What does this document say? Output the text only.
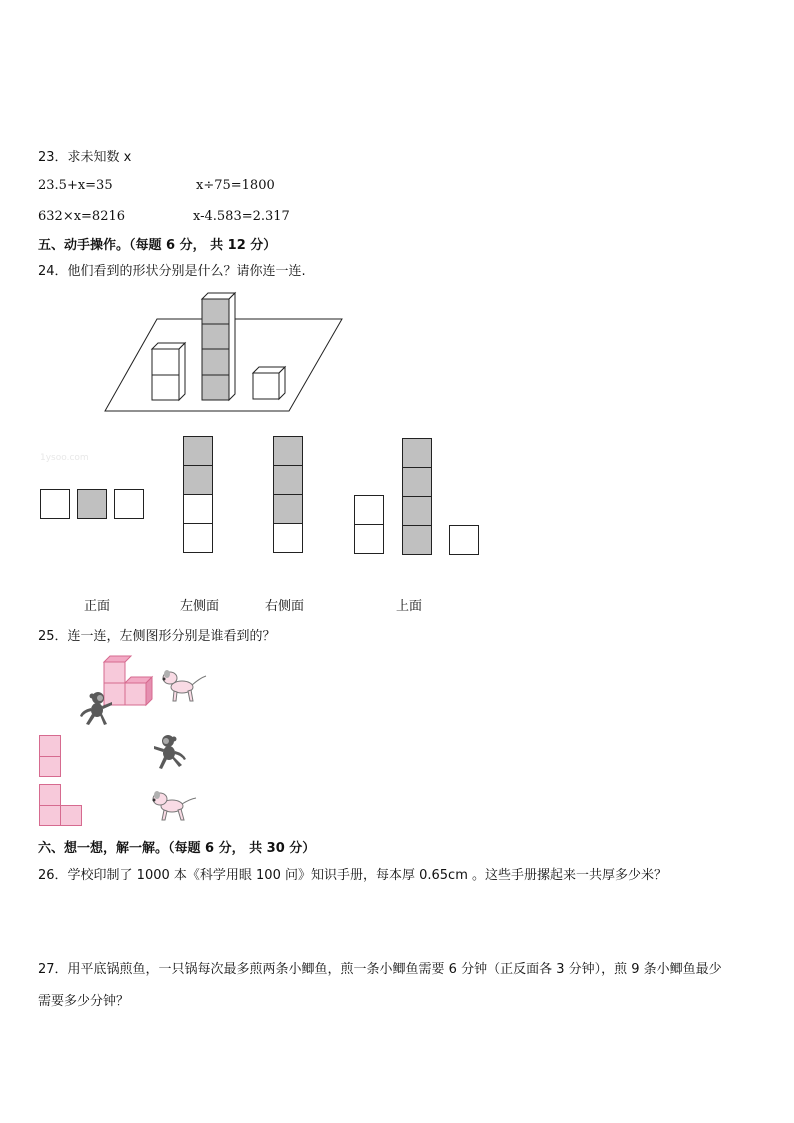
23．求未知数 x
23.5+x=35	x÷75=1800
632×x=8216	x-4.583=2.317
五、动手操作。（每题 6 分， 共 12 分）
24．他们看到的形状分别是什么？请你连一连.
1ysoo.com
正面	左侧面	右侧面	上面
25．连一连，左侧图形分别是谁看到的？
六、想一想，解一解。（每题 6 分， 共 30 分）
26．学校印制了 1000 本《科学用眼 100 问》知识手册，每本厚 0.65cm 。这些手册摞起来一共厚多少米？
27．用平底锅煎鱼，一只锅每次最多煎两条小鲫鱼，煎一条小鲫鱼需要 6 分钟（正反面各 3 分钟），煎 9 条小鲫鱼最少
需要多少分钟？
